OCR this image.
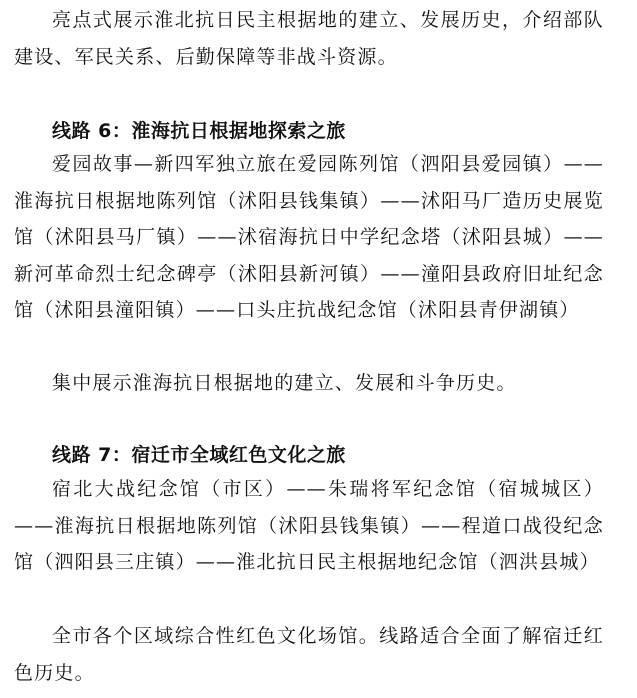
亮点式展示淮北抗日民主根据地的建立、发展历史，介绍部队建设、军民关系、后勤保障等非战斗资源。

线路 6：淮海抗日根据地探索之旅

爱园故事—新四军独立旅在爱园陈列馆（泗阳县爱园镇）——淮海抗日根据地陈列馆（沭阳县钱集镇）——沭阳马厂造历史展览馆（沭阳县马厂镇）——沭宿海抗日中学纪念塔（沭阳县城）——新河革命烈士纪念碑亭（沭阳县新河镇）——潼阳县政府旧址纪念馆（沭阳县潼阳镇）——口头庄抗战纪念馆（沭阳县青伊湖镇）

集中展示淮海抗日根据地的建立、发展和斗争历史。

线路 7：宿迁市全域红色文化之旅

宿北大战纪念馆（市区）——朱瑞将军纪念馆（宿城城区）——淮海抗日根据地陈列馆（沭阳县钱集镇）——程道口战役纪念馆（泗阳县三庄镇）——淮北抗日民主根据地纪念馆（泗洪县城）

全市各个区域综合性红色文化场馆。线路适合全面了解宿迁红色历史。
